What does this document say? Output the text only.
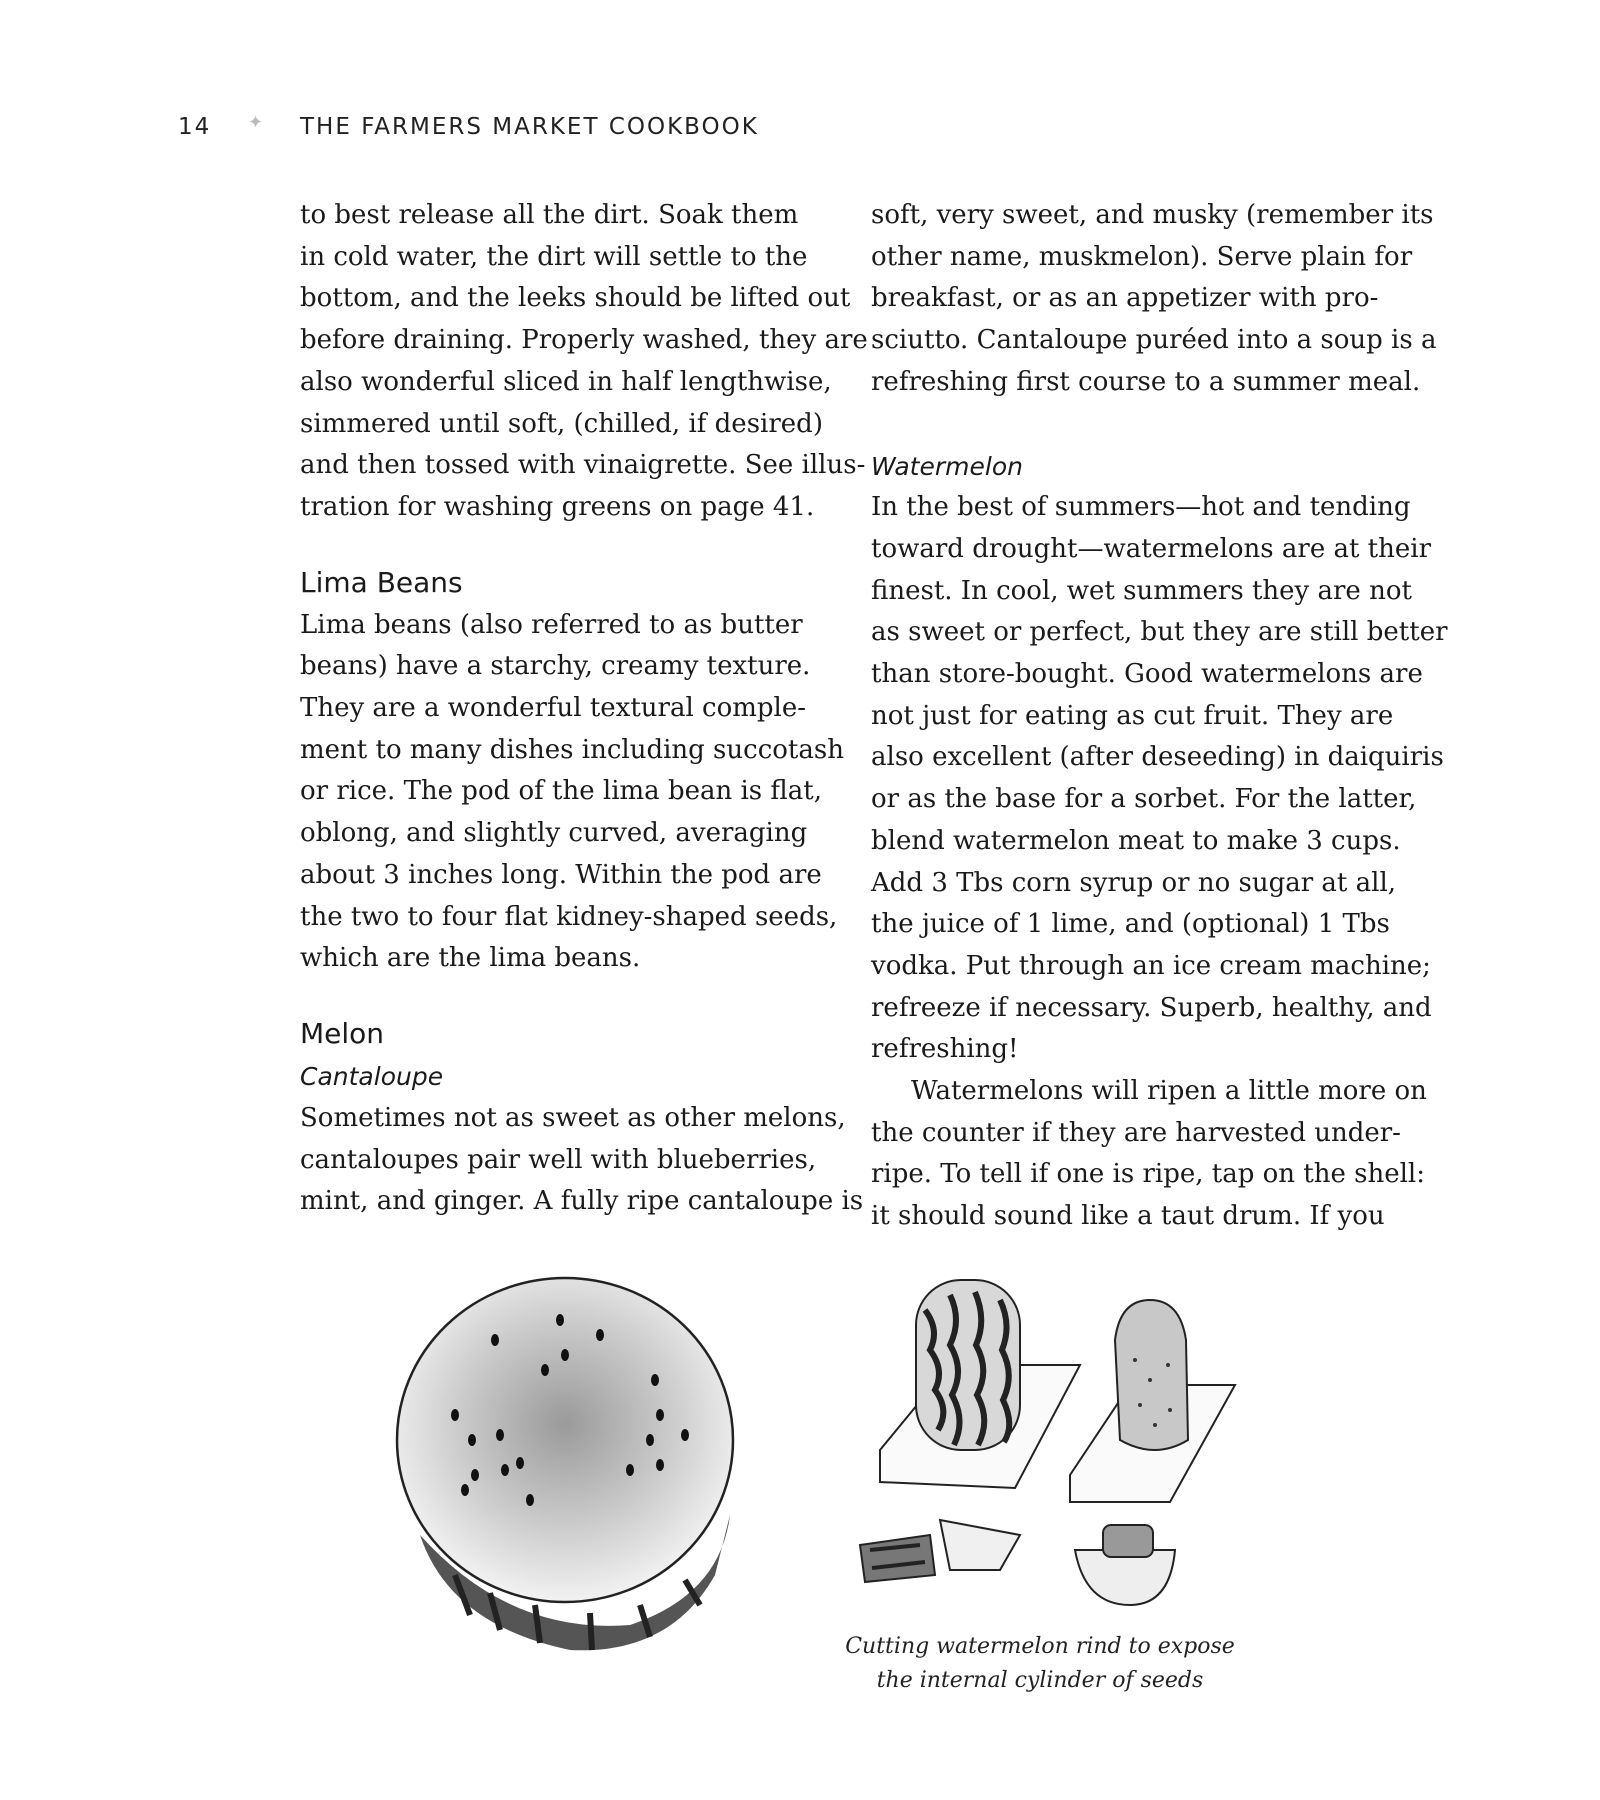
14 ✦ THE FARMERS MARKET COOKBOOK

to best release all the dirt. Soak them

in cold water, the dirt will settle to the

bottom, and the leeks should be lifted out

before draining. Properly washed, they are

also wonderful sliced in half lengthwise,

simmered until soft, (chilled, if desired)

and then tossed with vinaigrette. See illus-

tration for washing greens on page 41.

Lima Beans

Lima beans (also referred to as butter

beans) have a starchy, creamy texture.

They are a wonderful textural comple-

ment to many dishes including succotash

or rice. The pod of the lima bean is flat,

oblong, and slightly curved, averaging

about 3 inches long. Within the pod are

the two to four flat kidney-shaped seeds,

which are the lima beans.

Melon

Cantaloupe

Sometimes not as sweet as other melons,

cantaloupes pair well with blueberries,

mint, and ginger. A fully ripe cantaloupe is

soft, very sweet, and musky (remember its

other name, muskmelon). Serve plain for

breakfast, or as an appetizer with pro-

sciutto. Cantaloupe puréed into a soup is a

refreshing first course to a summer meal.

Watermelon

In the best of summers—hot and tending

toward drought—watermelons are at their

finest. In cool, wet summers they are not

as sweet or perfect, but they are still better

than store-bought. Good watermelons are

not just for eating as cut fruit. They are

also excellent (after deseeding) in daiquiris

or as the base for a sorbet. For the latter,

blend watermelon meat to make 3 cups.

Add 3 Tbs corn syrup or no sugar at all,

the juice of 1 lime, and (optional) 1 Tbs

vodka. Put through an ice cream machine;

refreeze if necessary. Superb, healthy, and

refreshing!

Watermelons will ripen a little more on

the counter if they are harvested under-

ripe. To tell if one is ripe, tap on the shell:

it should sound like a taut drum. If you

Cutting watermelon rind to expose
the internal cylinder of seeds
